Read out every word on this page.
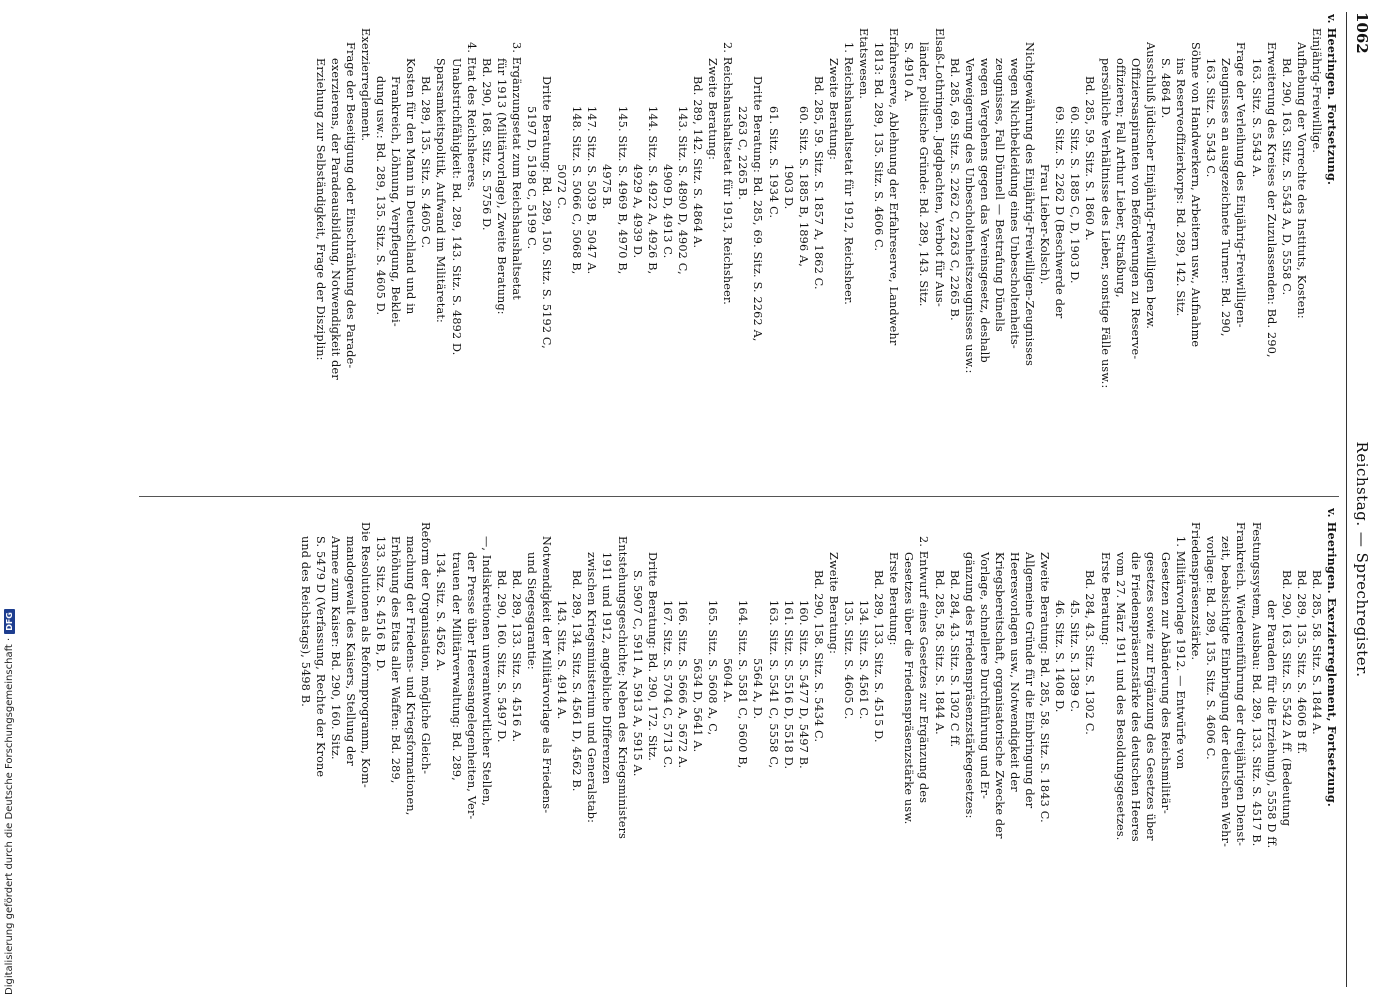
1062
Reichstag. — Sprechregister.
v. Heeringen. Fortsetzung.
Einjährig-Freiwillige.
Aufhebung der Vorrechte des Instituts, Kosten:
Bd. 290, 163. Sitz. S. 5543 A, D, 5558 C.
Erweiterung des Kreises der Zuzulassenden: Bd. 290,
163. Sitz. S. 5543 A.
Frage der Verleihung des Einjährig-Freiwilligen-
Zeugnisses an ausgezeichnete Turner: Bd. 290,
163. Sitz. S. 5543 C.
Söhne von Handwerkern, Arbeitern usw., Aufnahme
ins Reserveoffizierkorps: Bd. 289, 142. Sitz.
S. 4864 D.
Ausschluß jüdischer Einjährig-Freiwilligen bezw.
Offiziersaspiranten von Beförderungen zu Reserve-
offizieren; Fall Arthur Lieber, Straßburg,
persönliche Verhältnisse des Lieber, sonstige Fälle usw.:
Bd. 285, 59. Sitz. S. 1860 A.
60. Sitz. S. 1885 C, D, 1903 D.
69. Sitz. S. 2262 D (Beschwerde der
Frau Lieber-Kolsch).
Nichtgewährung des Einjährig-Freiwilligen-Zeugnisses
wegen Nichtbekleidung eines Unbescholtenheits-
zeugnisses, Fall Dünnell — Bestrafung Dünells
wegen Vergehens gegen das Vereinsgesetz, deshalb
Verweigerung des Unbescholtenheitszeugnisses usw.:
Bd. 285, 69. Sitz. S. 2262 C, 2263 C, 2265 B.
Elsaß-Lothringen. Jagdpachten, Verbot für Aus-
länder, politische Gründe: Bd. 289, 143. Sitz.
S. 4910 A.
Erfahreserve, Ablehnung der Erfahreserve, Landwehr
1813: Bd. 289, 135. Sitz. S. 4606 C.
Etatswesen.
1. Reichshaushaltsetat für 1912, Reichsheer.
Zweite Beratung:
Bd. 285, 59. Sitz. S. 1857 A, 1862 C.
60. Sitz. S. 1885 B, 1896 A,
1903 D.
61. Sitz. S. 1934 C.
Dritte Beratung: Bd. 285, 69. Sitz. S. 2262 A,
2263 C, 2265 B.
2. Reichshaushaltsetat für 1913, Reichsheer.
Zweite Beratung:
Bd. 289, 142. Sitz. S. 4864 A.
143. Sitz. S. 4890 D, 4902 C,
4909 D, 4913 C.
144. Sitz. S. 4922 A, 4926 B,
4929 A, 4939 D.
145. Sitz. S. 4969 B, 4970 B,
4975 B.
147. Sitz. S. 5039 B, 5047 A.
148. Sitz. S. 5066 C, 5068 B,
5072 C.
Dritte Beratung: Bd. 289, 150. Sitz. S. 5192 C,
5197 D, 5198 C, 5199 C.
3. Ergänzungsetat zum Reichshaushaltsetat
für 1913 (Militärvorlage), Zweite Beratung:
Bd. 290, 168. Sitz. S. 5756 D.
4. Etat des Reichsheeres.
Unabstrichfähigkeit: Bd. 289, 143. Sitz. S. 4892 D.
Sparsamkeitspolitik, Aufwand im Militäretat:
Bd. 289, 135. Sitz. S. 4605 C.
Kosten für den Mann in Deutschland und in
Frankreich, Löhnung, Verpflegung, Beklei-
dung usw.: Bd. 289, 135. Sitz. S. 4605 D.
Exerzierreglement.
Frage der Beseitigung oder Einschränkung des Parade-
exerzierens, der Paradeausbildung, Notwendigkeit der
Erziehung zur Selbständigkeit, Frage der Disziplin:
v. Heeringen. Exerzierreglement, Fortsetzung.
Bd. 285, 58. Sitz. S. 1844 A.
Bd. 289, 135. Sitz. S. 4606 B ff.
Bd. 290, 163. Sitz. S. 5542 A ff. (Bedeutung
der Paraden für die Erziehung), 5558 D ff.
Festungssystem, Ausbau: Bd. 289, 133. Sitz. S. 4517 B.
Frankreich. Wiedereinführung der dreijährigen Dienst-
zeit, beabsichtigte Einbringung der deutschen Wehr-
vorlage: Bd. 289, 135. Sitz. S. 4606 C.
Friedenspräsenzstärke.
1. Militärvorlage 1912. — Entwürfe von
Gesetzen zur Abänderung des Reichsmilitär-
gesetzes sowie zur Ergänzung des Gesetzes über
die Friedenspräsenzstärke des deutschen Heeres
vom 27. März 1911 und des Besoldungsgesetzes.
Erste Beratung:
Bd. 284, 43. Sitz. S. 1302 C.
45. Sitz. S. 1389 C.
46. Sitz. S. 1408 D.
Zweite Beratung: Bd. 285, 58. Sitz. S. 1843 C.
Allgemeine Gründe für die Einbringung der
Heeresvorlagen usw., Notwendigkeit der
Kriegsbereitschaft, organisatorische Zwecke der
Vorlage, schnellere Durchführung und Er-
gänzung des Friedenspräsenzstärkegesetzes:
Bd. 284, 43. Sitz. S. 1302 C ff.
Bd. 285, 58. Sitz. S. 1844 A.
2. Entwurf eines Gesetzes zur Ergänzung des
Gesetzes über die Friedenspräsenzstärke usw.
Erste Beratung:
Bd. 289, 133. Sitz. S. 4515 D.
134. Sitz. S. 4561 C.
135. Sitz. S. 4605 C.
Zweite Beratung:
Bd. 290, 158. Sitz. S. 5434 C.
160. Sitz. S. 5477 D, 5497 B.
161. Sitz. S. 5516 D, 5518 D.
163. Sitz. S. 5541 C, 5558 C,
5564 A, D.
164. Sitz. S. 5581 C, 5600 B,
5604 A.
165. Sitz. S. 5608 A, C,
5634 D, 5641 A.
166. Sitz. S. 5666 A, 5672 A.
167. Sitz. S. 5704 C, 5713 C.
Dritte Beratung: Bd. 290, 172. Sitz.
S. 5907 C, 5911 A, 5913 A, 5915 A.
Entstehungsgeschichte; Neben des Kriegsministers
1911 und 1912, angebliche Differenzen
zwischen Kriegsministerium und Generalstab:
Bd. 289, 134. Sitz. S. 4561 D, 4562 B.
143. Sitz. S. 4914 A.
Notwendigkeit der Militärvorlage als Friedens-
und Siegesgarantie:
Bd. 289, 133. Sitz. S. 4516 A.
Bd. 290, 160. Sitz. S. 5497 D.
—, Indiskretionen unverantwortlicher Stellen,
der Presse über Heeresangelegenheiten, Ver-
trauen der Militärverwaltung: Bd. 289,
134. Sitz. S. 4562 A.
Reform der Organisation, mögliche Gleich-
machung der Friedens- und Kriegsformationen,
Erhöhung des Etats aller Waffen: Bd. 289,
133. Sitz. S. 4516 B, D.
Die Resolutionen als Reformprogramm, Kom-
mandogewalt des Kaisers, Stellung der
Armee zum Kaiser: Bd. 290, 160. Sitz.
S. 5479 D (Verfassung, Rechte der Krone
und des Reichstags), 5498 B.
Digitalisierung gefördert durch die Deutsche Forschungsgemeinschaft ·
DFG
